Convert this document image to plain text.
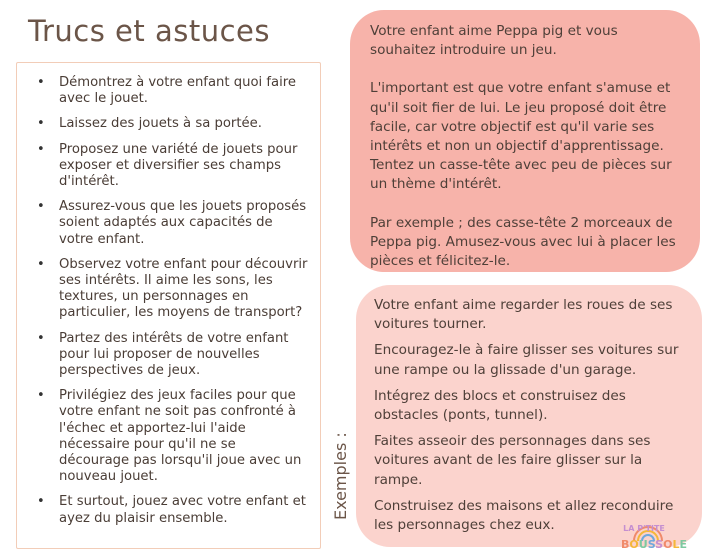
Trucs et astuces
• Démontrez à votre enfant quoi faire avec le jouet.
• Laissez des jouets à sa portée.
• Proposez une variété de jouets pour exposer et diversifier ses champs d'intérêt.
• Assurez-vous que les jouets proposés soient adaptés aux capacités de votre enfant.
• Observez votre enfant pour découvrir ses intérêts. Il aime les sons, les textures, un personnages en particulier, les moyens de transport?
• Partez des intérêts de votre enfant pour lui proposer de nouvelles perspectives de jeux.
• Privilégiez des jeux faciles pour que votre enfant ne soit pas confronté à l'échec et apportez-lui l'aide nécessaire pour qu'il ne se décourage pas lorsqu'il joue avec un nouveau jouet.
• Et surtout, jouez avec votre enfant et ayez du plaisir ensemble.

Votre enfant aime Peppa pig et vous souhaitez introduire un jeu.

L'important est que votre enfant s'amuse et qu'il soit fier de lui. Le jeu proposé doit être facile, car votre objectif est qu'il varie ses intérêts et non un objectif d'apprentissage. Tentez un casse-tête avec peu de pièces sur un thème d'intérêt.

Par exemple ; des casse-tête 2 morceaux de Peppa pig. Amusez-vous avec lui à placer les pièces et félicitez-le.

Votre enfant aime regarder les roues de ses voitures tourner.

Encouragez-le à faire glisser ses voitures sur une rampe ou la glissade d'un garage.

Intégrez des blocs et construisez des obstacles (ponts, tunnel).

Faites asseoir des personnages dans ses voitures avant de les faire glisser sur la rampe.

Construisez des maisons et allez reconduire les personnages chez eux.

Exemples :
LA P'TITE
BOUSSOLE
